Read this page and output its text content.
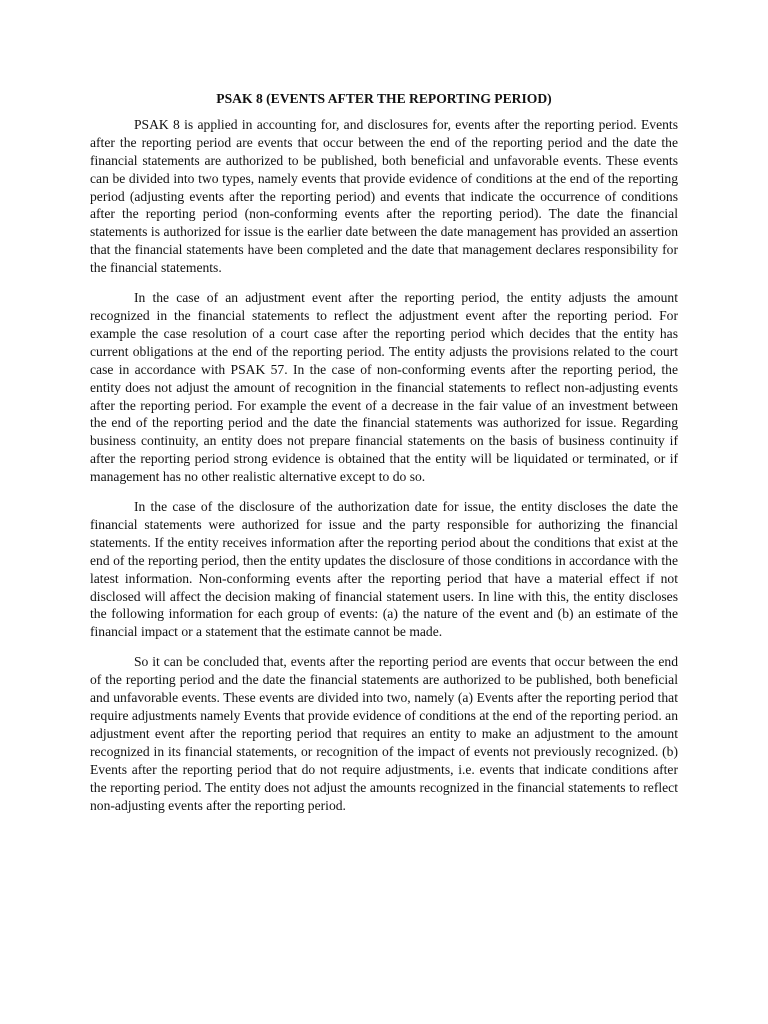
PSAK 8 (EVENTS AFTER THE REPORTING PERIOD)

PSAK 8 is applied in accounting for, and disclosures for, events after the reporting period. Events after the reporting period are events that occur between the end of the reporting period and the date the financial statements are authorized to be published, both beneficial and unfavorable events. These events can be divided into two types, namely events that provide evidence of conditions at the end of the reporting period (adjusting events after the reporting period) and events that indicate the occurrence of conditions after the reporting period (non-conforming events after the reporting period). The date the financial statements is authorized for issue is the earlier date between the date management has provided an assertion that the financial statements have been completed and the date that management declares responsibility for the financial statements.

In the case of an adjustment event after the reporting period, the entity adjusts the amount recognized in the financial statements to reflect the adjustment event after the reporting period. For example the case resolution of a court case after the reporting period which decides that the entity has current obligations at the end of the reporting period. The entity adjusts the provisions related to the court case in accordance with PSAK 57. In the case of non-conforming events after the reporting period, the entity does not adjust the amount of recognition in the financial statements to reflect non-adjusting events after the reporting period. For example the event of a decrease in the fair value of an investment between the end of the reporting period and the date the financial statements was authorized for issue. Regarding business continuity, an entity does not prepare financial statements on the basis of business continuity if after the reporting period strong evidence is obtained that the entity will be liquidated or terminated, or if management has no other realistic alternative except to do so.

In the case of the disclosure of the authorization date for issue, the entity discloses the date the financial statements were authorized for issue and the party responsible for authorizing the financial statements. If the entity receives information after the reporting period about the conditions that exist at the end of the reporting period, then the entity updates the disclosure of those conditions in accordance with the latest information. Non-conforming events after the reporting period that have a material effect if not disclosed will affect the decision making of financial statement users. In line with this, the entity discloses the following information for each group of events: (a) the nature of the event and (b) an estimate of the financial impact or a statement that the estimate cannot be made.

So it can be concluded that, events after the reporting period are events that occur between the end of the reporting period and the date the financial statements are authorized to be published, both beneficial and unfavorable events. These events are divided into two, namely (a) Events after the reporting period that require adjustments namely Events that provide evidence of conditions at the end of the reporting period. an adjustment event after the reporting period that requires an entity to make an adjustment to the amount recognized in its financial statements, or recognition of the impact of events not previously recognized. (b) Events after the reporting period that do not require adjustments, i.e. events that indicate conditions after the reporting period. The entity does not adjust the amounts recognized in the financial statements to reflect non-adjusting events after the reporting period.
